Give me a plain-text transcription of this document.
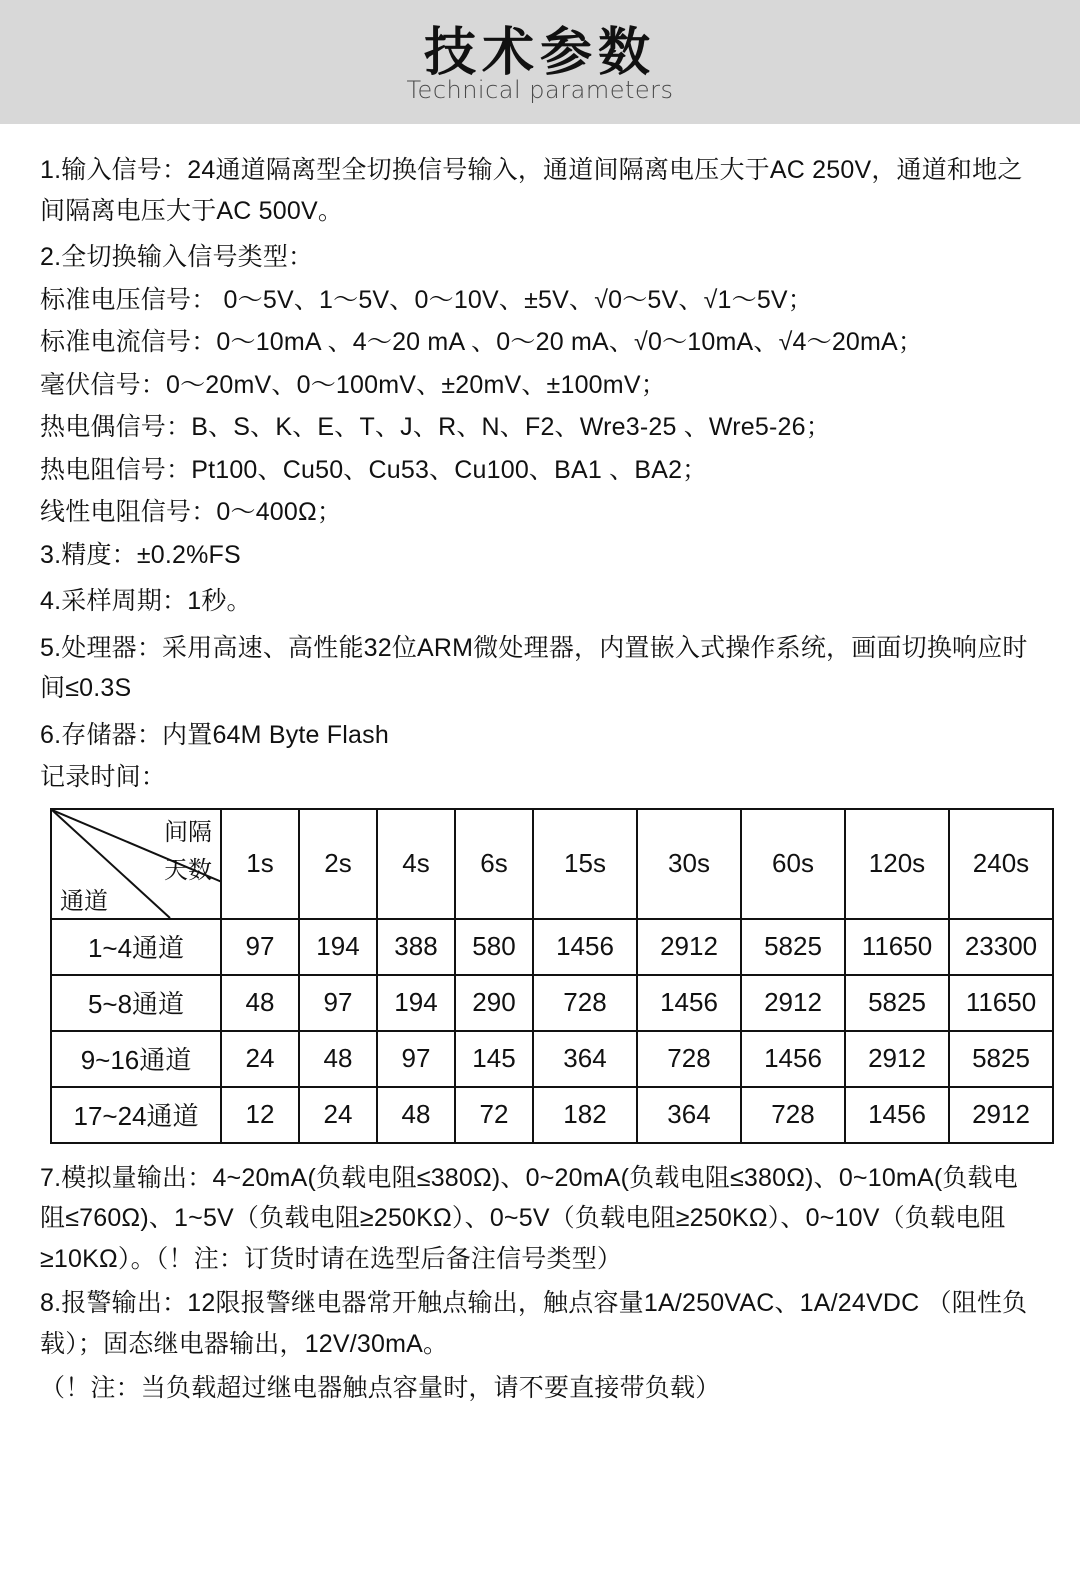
技术参数
Technical parameters

1.输入信号：24通道隔离型全切换信号输入，通道间隔离电压大于AC 250V，通道和地之间隔离电压大于AC 500V。

2.全切换输入信号类型：

标准电压信号： 0～5V、1～5V、0～10V、±5V、√0～5V、√1～5V；

标准电流信号：0～10mA 、4～20 mA 、0～20 mA、√0～10mA、√4～20mA；

毫伏信号：0～20mV、0～100mV、±20mV、±100mV；

热电偶信号：B、S、K、E、T、J、R、N、F2、Wre3-25 、Wre5-26；

热电阻信号：Pt100、Cu50、Cu53、Cu100、BA1 、BA2；

线性电阻信号：0～400Ω；

3.精度：±0.2%FS

4.采样周期：1秒。

5.处理器：采用高速、高性能32位ARM微处理器，内置嵌入式操作系统，画面切换响应时间≤0.3S

6.存储器：内置64M Byte Flash

记录时间：

间隔
天数
通道	1s	2s	4s	6s	15s	30s	60s	120s	240s
1~4通道	97	194	388	580	1456	2912	5825	11650	23300
5~8通道	48	97	194	290	728	1456	2912	5825	11650
9~16通道	24	48	97	145	364	728	1456	2912	5825
17~24通道	12	24	48	72	182	364	728	1456	2912

7.模拟量输出：4~20mA(负载电阻≤380Ω)、0~20mA(负载电阻≤380Ω)、0~10mA(负载电阻≤760Ω)、1~5V（负载电阻≥250KΩ）、0~5V（负载电阻≥250KΩ）、0~10V（负载电阻≥10KΩ）。（！注：订货时请在选型后备注信号类型）

8.报警输出：12限报警继电器常开触点输出，触点容量1A/250VAC、1A/24VDC （阻性负载）；固态继电器输出，12V/30mA。

（！注：当负载超过继电器触点容量时，请不要直接带负载）
